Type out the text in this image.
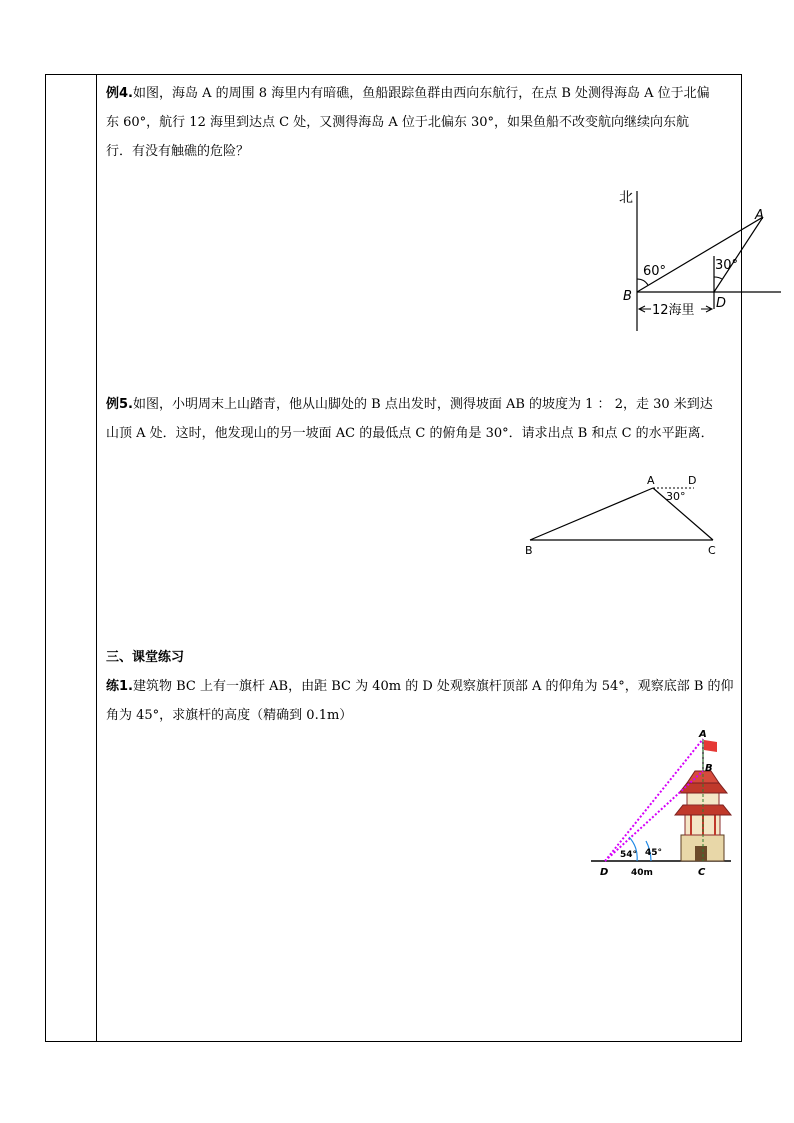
例4.如图，海岛 A 的周围 8 海里内有暗礁，鱼船跟踪鱼群由西向东航行，在点 B 处测得海岛 A 位于北偏
东 60°，航行 12 海里到达点 C 处，又测得海岛 A 位于北偏东 30°，如果鱼船不改变航向继续向东航
行．有没有触礁的危险？

北
60°	30°
A
B	D
12海里

例5.如图，小明周末上山踏青，他从山脚处的 B 点出发时，测得坡面 AB 的坡度为 1 ： 2，走 30 米到达
山顶 A 处．这时，他发现山的另一坡面 AC 的最低点 C 的俯角是 30°．请求出点 B 和点 C 的水平距离．

A	D
30°
B	C
三、课堂练习

练1.建筑物 BC 上有一旗杆 AB，由距 BC 为 40m 的 D 处观察旗杆顶部 A 的仰角为 54°，观察底部 B 的仰
角为 45°，求旗杆的高度（精确到 0.1m）

A
B
C
D
54° 45°
40m
